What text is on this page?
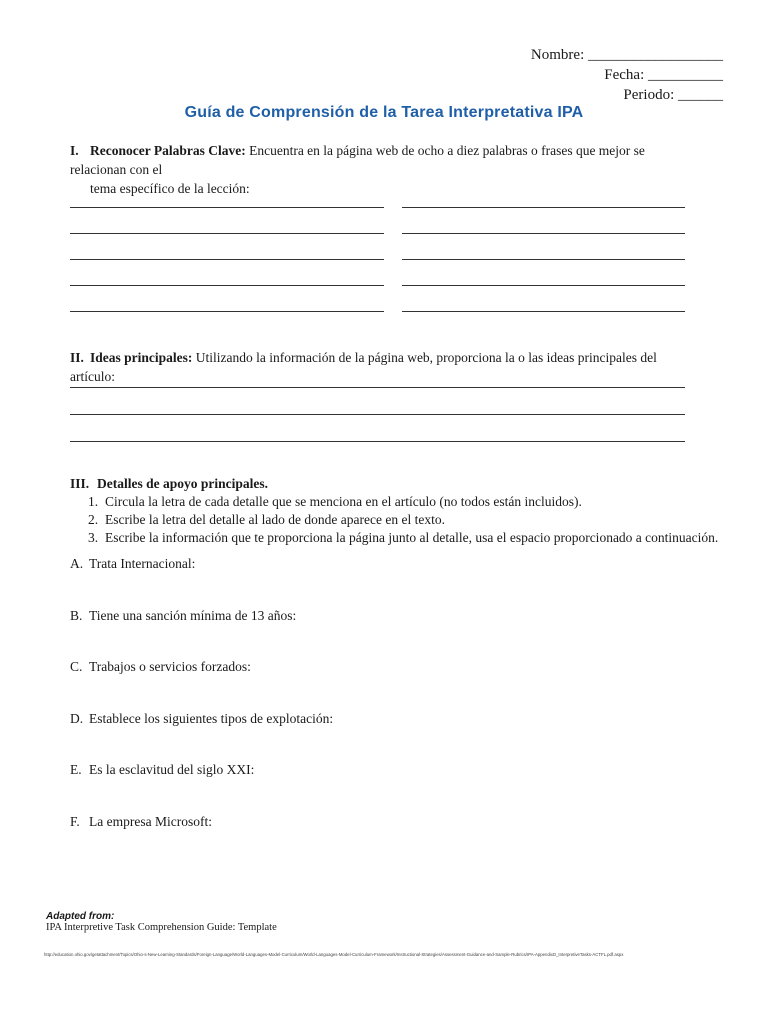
Nombre: __________________
Fecha: __________
Periodo: ______
Guía de Comprensión de la Tarea Interpretativa IPA
I. Reconocer Palabras Clave: Encuentra en la página web de ocho a diez palabras o frases que mejor se relacionan con el
tema específico de la lección:
II. Ideas principales: Utilizando la información de la página web, proporciona la o las ideas principales del artículo:
III. Detalles de apoyo principales.
1. Circula la letra de cada detalle que se menciona en el artículo (no todos están incluidos).
2. Escribe la letra del detalle al lado de donde aparece en el texto.
3. Escribe la información que te proporciona la página junto al detalle, usa el espacio proporcionado a continuación.
A. Trata Internacional:
B. Tiene una sanción mínima de 13 años:
C. Trabajos o servicios forzados:
D. Establece los siguientes tipos de explotación:
E. Es la esclavitud del siglo XXI:
F. La empresa Microsoft:
Adapted from:
IPA Interpretive Task Comprehension Guide: Template
http://education.ohio.gov/getattachment/Topics/Ohio-s-New-Learning-Standards/Foreign-Language/World-Languages-Model-Curriculum/World-Languages-Model-Curriculum-Framework/Instructional-Strategies/Assessment-Guidance-and-Sample-Rubrics/IPA-AppendixD_InterpretiveTasks-ACTFL.pdf.aspx
